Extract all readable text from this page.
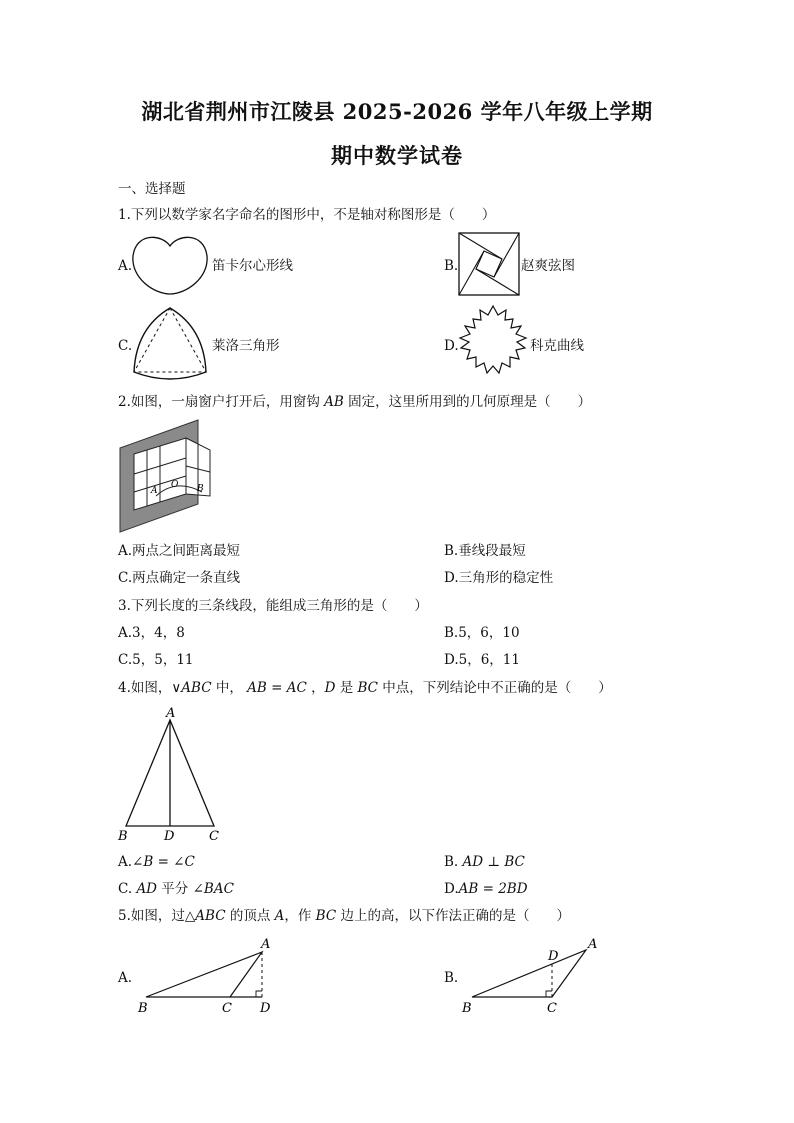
湖北省荆州市江陵县 2025-2026 学年八年级上学期
期中数学试卷
一、选择题
1.下列以数学家名字命名的图形中，不是轴对称图形是（　　）
A.	笛卡尔心形线	B.	赵爽弦图
C.	莱洛三角形	D.	科克曲线
2.如图，一扇窗户打开后，用窗钩 AB 固定，这里所用到的几何原理是（　　）
A
O B
A.两点之间距离最短	B.垂线段最短
C.两点确定一条直线	D.三角形的稳定性
3.下列长度的三条线段，能组成三角形的是（　　）
A.3，4，8	B.5，6，10
C.5，5，11	D.5，6，11
4.如图，∨ABC 中， AB = AC ，D 是 BC 中点，下列结论中不正确的是（　　）
A
B	D	C
A.∠B = ∠C	B. AD ⊥ BC
C. AD 平分 ∠BAC	D.AB = 2BD
5.如图，过△ABC 的顶点 A，作 BC 边上的高，以下作法正确的是（　　）
A.
A
B	C D
B.
A
B	C
D
